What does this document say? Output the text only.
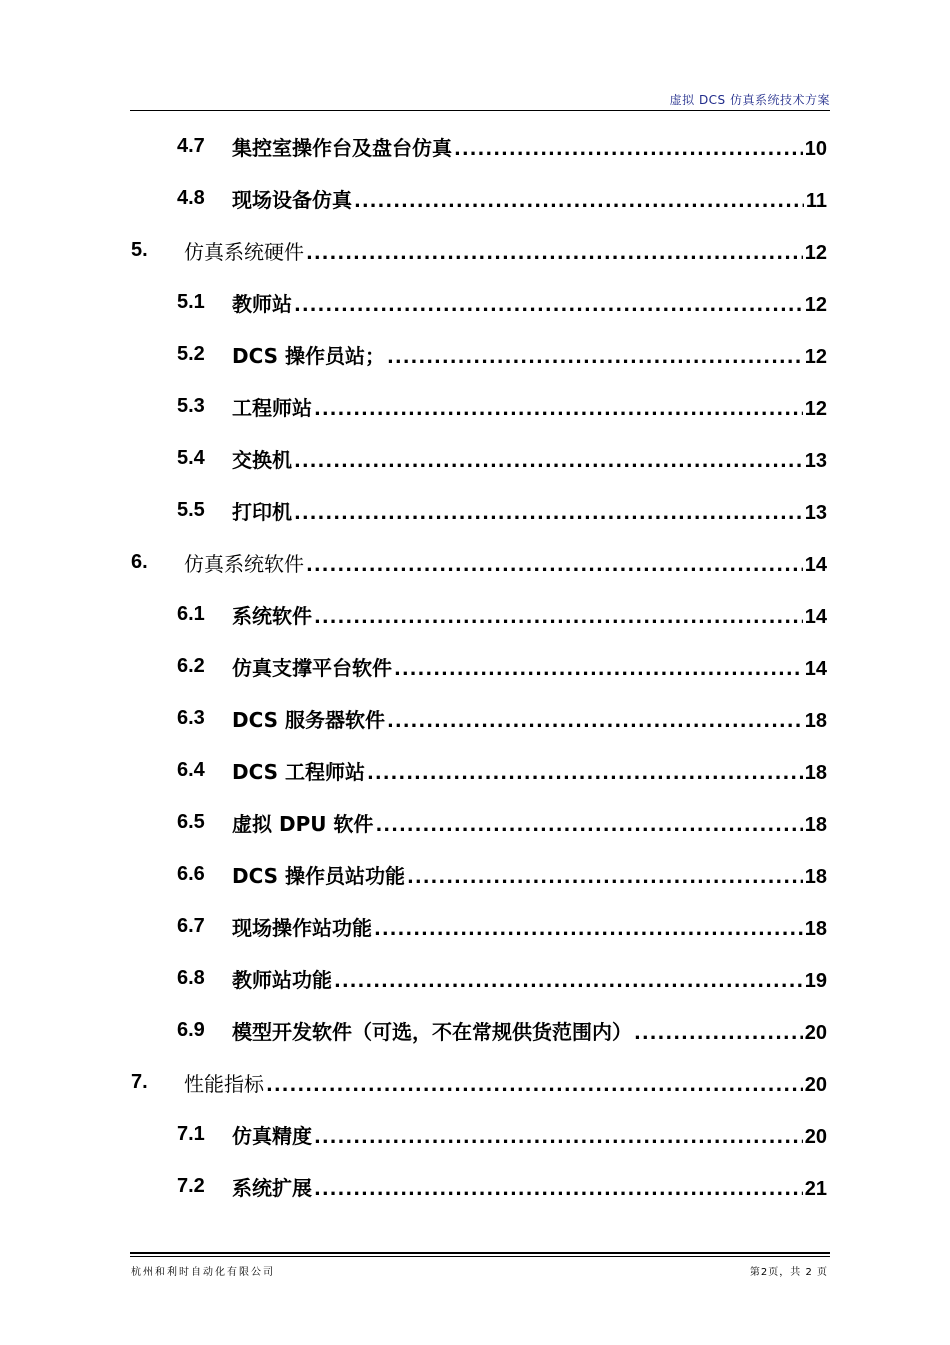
虚拟 DCS 仿真系统技术方案
4.7 集控室操作台及盘台仿真 .....	10
4.8 现场设备仿真 .....	11
5. 仿真系统硬件 .....	12
5.1 教师站 .....	12
5.2 DCS 操作员站； .....	12
5.3 工程师站 .....	12
5.4 交换机 .....	13
5.5 打印机 .....	13
6. 仿真系统软件 .....	14
6.1 系统软件 .....	14
6.2 仿真支撑平台软件 .....	14
6.3 DCS 服务器软件 .....	18
6.4 DCS 工程师站 .....	18
6.5 虚拟 DPU 软件 .....	18
6.6 DCS 操作员站功能 .....	18
6.7 现场操作站功能 .....	18
6.8 教师站功能 .....	19
6.9 模型开发软件（可选，不在常规供货范围内） .....	20
7. 性能指标 .....	20
7.1 仿真精度 .....	20
7.2 系统扩展 .....	21
杭州和利时自动化有限公司	第2页，共 2 页
